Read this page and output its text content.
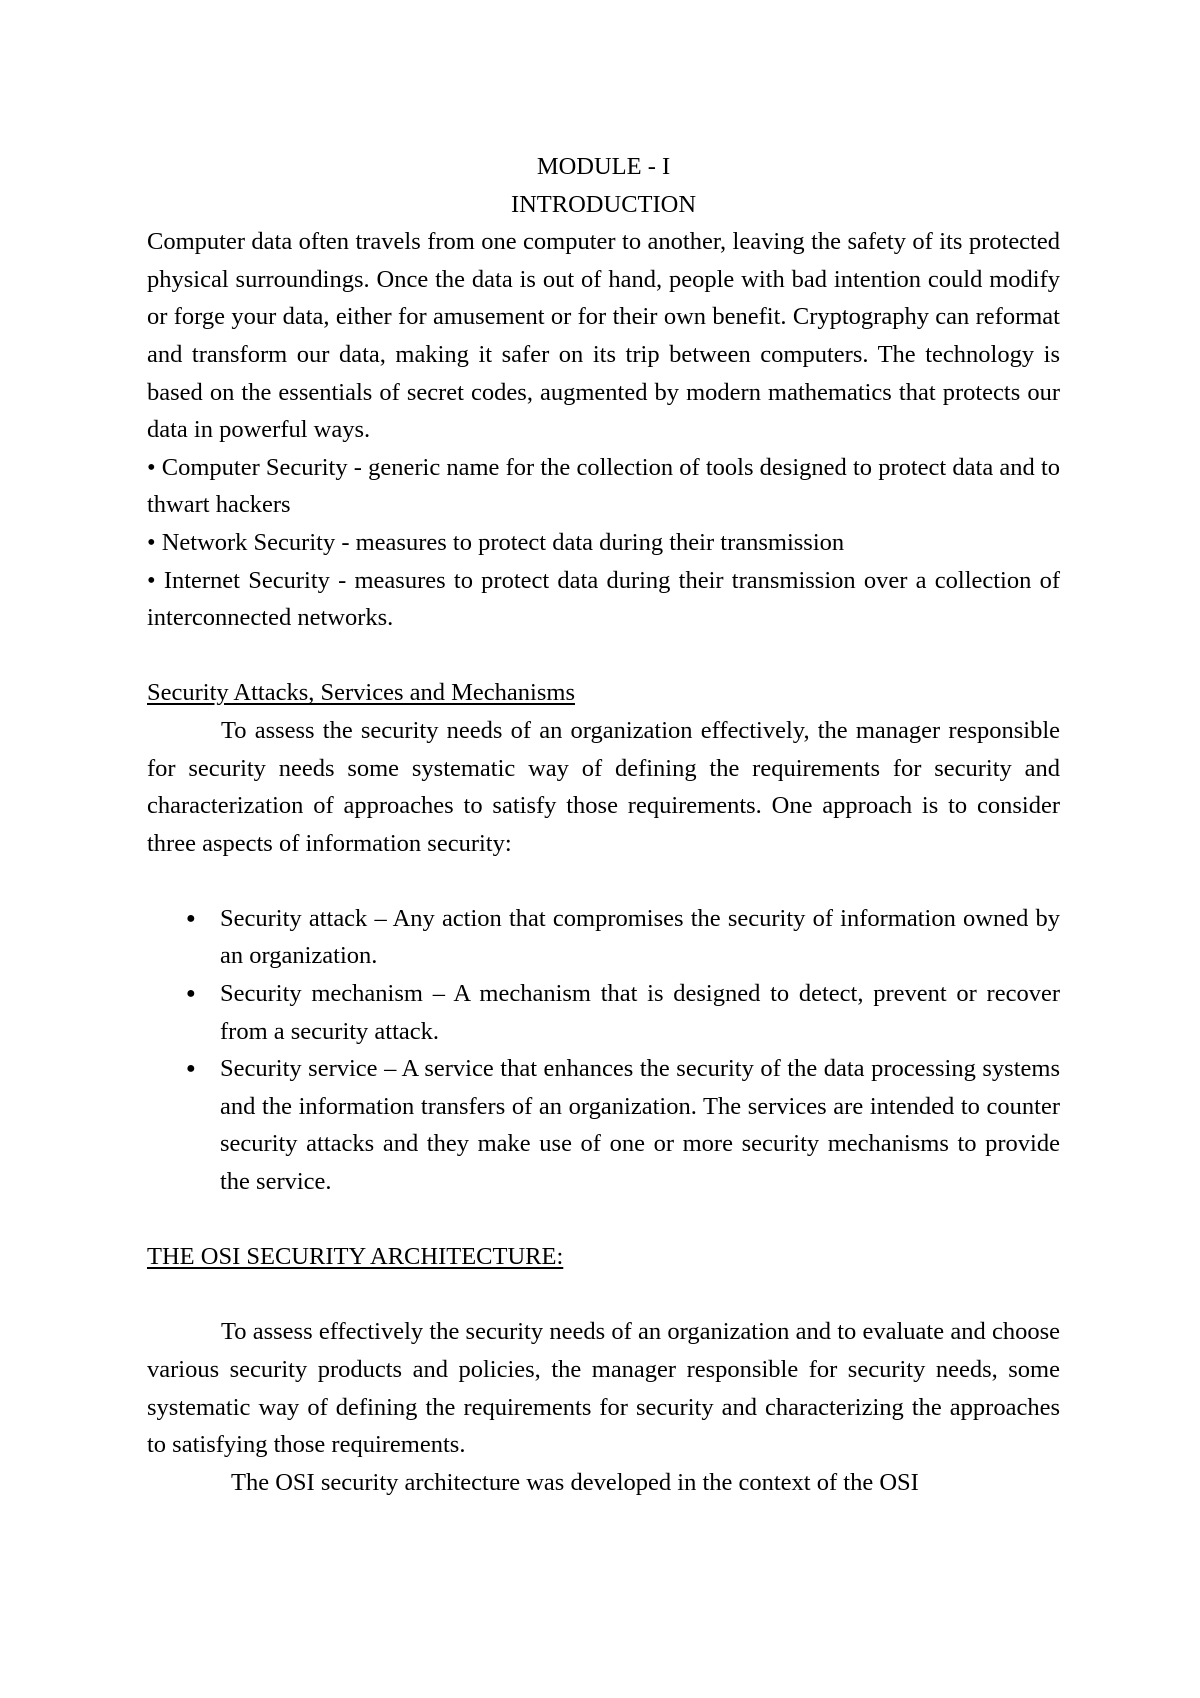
MODULE - I

INTRODUCTION

Computer data often travels from one computer to another, leaving the safety of its protected physical surroundings. Once the data is out of hand, people with bad intention could modify or forge your data, either for amusement or for their own benefit. Cryptography can reformat and transform our data, making it safer on its trip between computers. The technology is based on the essentials of secret codes, augmented by modern mathematics that protects our data in powerful ways.

• Computer Security - generic name for the collection of tools designed to protect data and to thwart hackers

• Network Security - measures to protect data during their transmission

• Internet Security - measures to protect data during their transmission over a collection of interconnected networks.

Security Attacks, Services and Mechanisms

To assess the security needs of an organization effectively, the manager responsible for security needs some systematic way of defining the requirements for security and characterization of approaches to satisfy those requirements. One approach is to consider three aspects of information security:

● Security attack – Any action that compromises the security of information owned by an organization.
● Security mechanism – A mechanism that is designed to detect, prevent or recover from a security attack.
● Security service – A service that enhances the security of the data processing systems and the information transfers of an organization. The services are intended to counter security attacks and they make use of one or more security mechanisms to provide the service.

THE OSI SECURITY ARCHITECTURE:

To assess effectively the security needs of an organization and to evaluate and choose various security products and policies, the manager responsible for security needs, some systematic way of defining the requirements for security and characterizing the approaches to satisfying those requirements.

The OSI security architecture was developed in the context of the OSI
